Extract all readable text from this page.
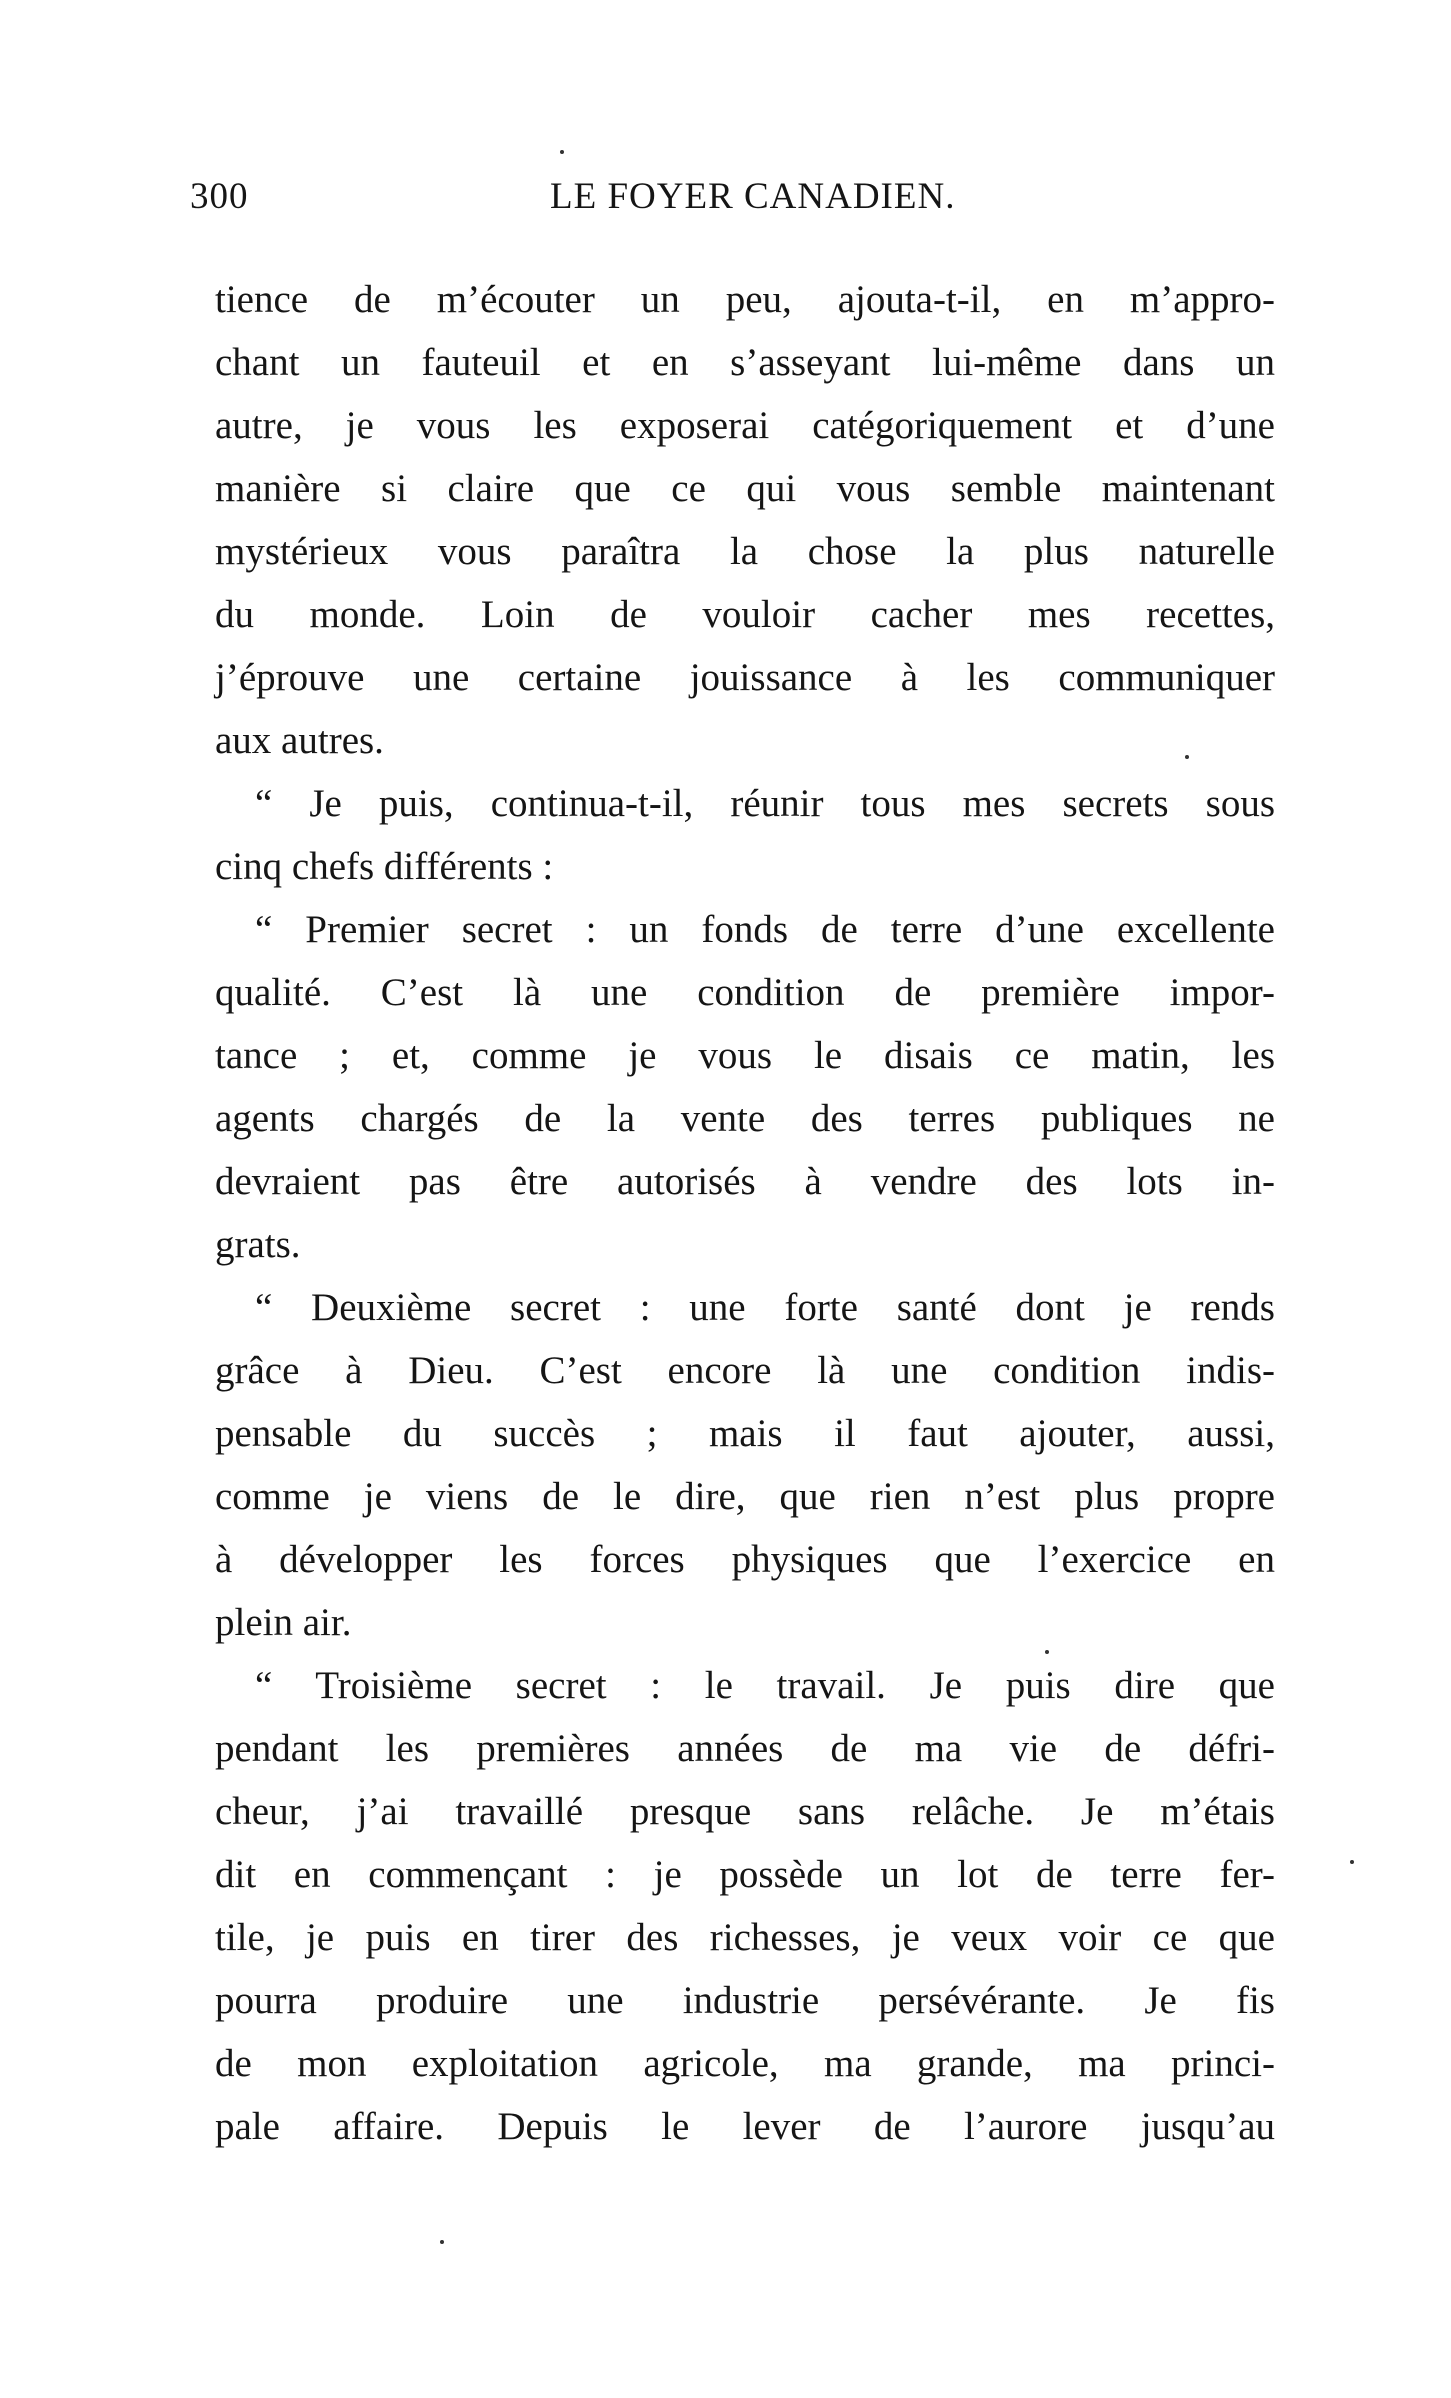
300	LE FOYER CANADIEN.
tience de m’écouter un peu, ajouta-t-il, en m’appro-
chant un fauteuil et en s’asseyant lui-même dans un
autre, je vous les exposerai catégoriquement et d’une
manière si claire que ce qui vous semble maintenant
mystérieux vous paraîtra la chose la plus naturelle
du monde. Loin de vouloir cacher mes recettes,
j’éprouve une certaine jouissance à les communiquer
aux autres.
“ Je puis, continua-t-il, réunir tous mes secrets sous
cinq chefs différents :
“ Premier secret : un fonds de terre d’une excellente
qualité. C’est là une condition de première impor-
tance ; et, comme je vous le disais ce matin, les
agents chargés de la vente des terres publiques ne
devraient pas être autorisés à vendre des lots in-
grats.
“ Deuxième secret : une forte santé dont je rends
grâce à Dieu. C’est encore là une condition indis-
pensable du succès ; mais il faut ajouter, aussi,
comme je viens de le dire, que rien n’est plus propre
à développer les forces physiques que l’exercice en
plein air.
“ Troisième secret : le travail. Je puis dire que
pendant les premières années de ma vie de défri-
cheur, j’ai travaillé presque sans relâche. Je m’étais
dit en commençant : je possède un lot de terre fer-
tile, je puis en tirer des richesses, je veux voir ce que
pourra produire une industrie persévérante. Je fis
de mon exploitation agricole, ma grande, ma princi-
pale affaire. Depuis le lever de l’aurore jusqu’au
